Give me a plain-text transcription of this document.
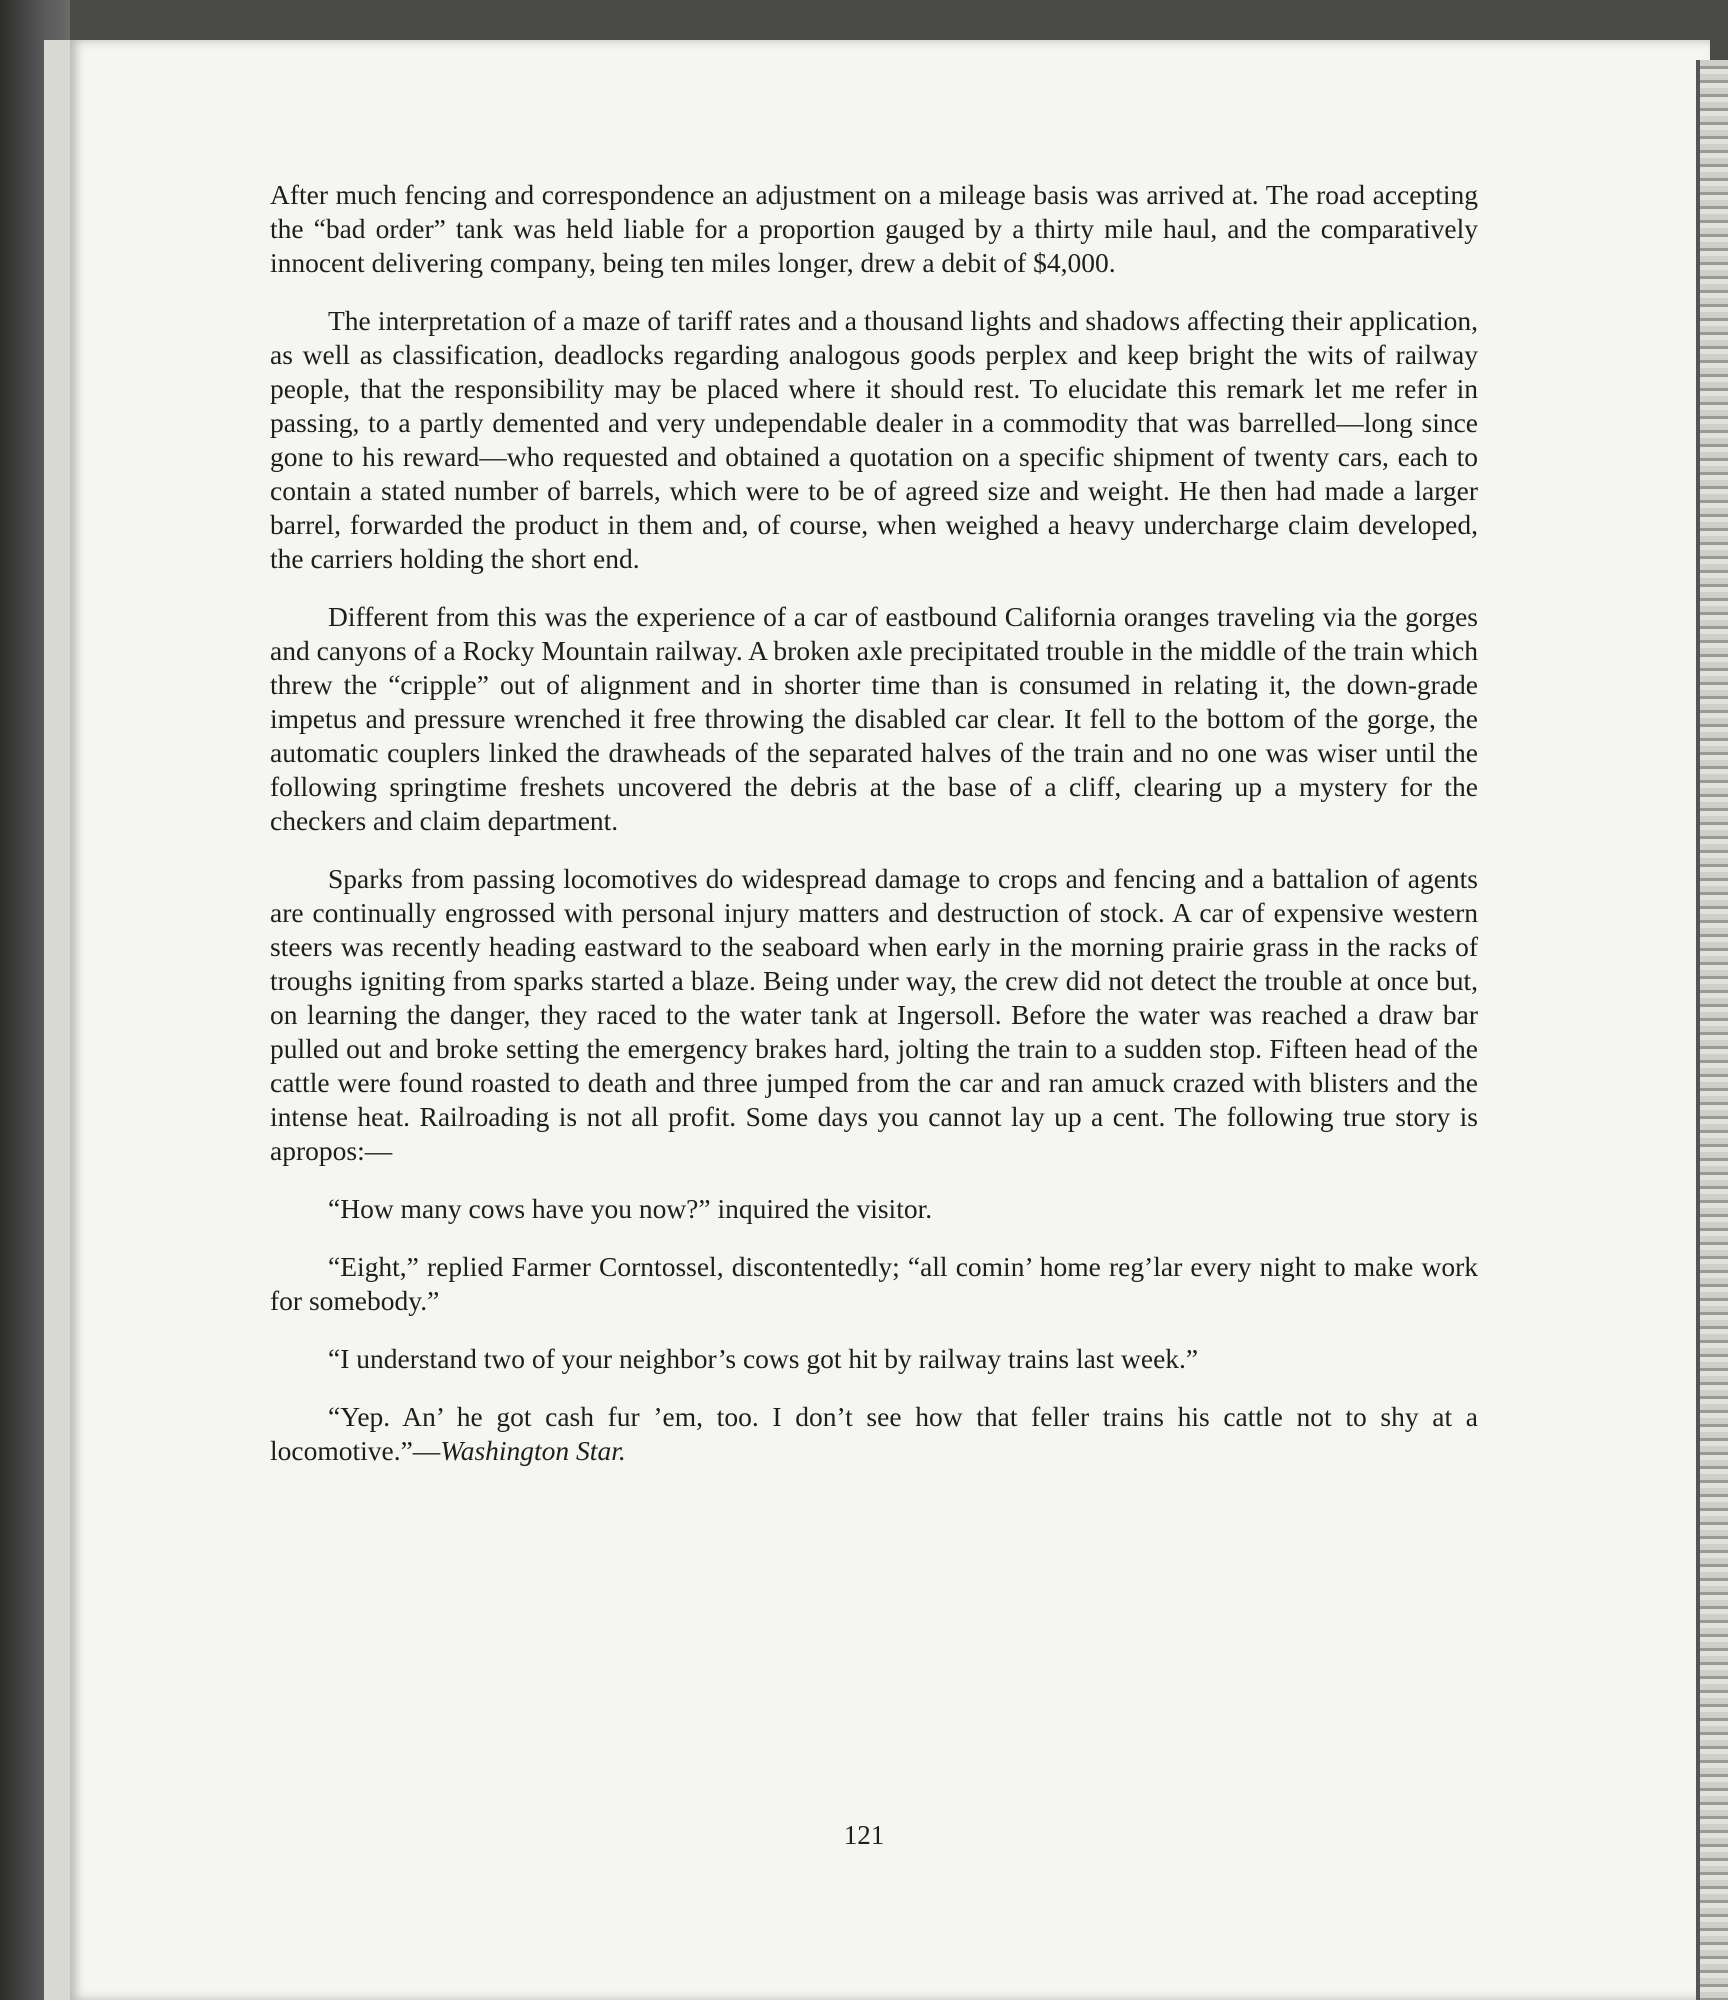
After much fencing and correspondence an adjustment on a mileage basis was arrived at. The road accepting the “bad order” tank was held liable for a proportion gauged by a thirty mile haul, and the comparatively innocent delivering company, being ten miles longer, drew a debit of $4,000.

The interpretation of a maze of tariff rates and a thousand lights and shadows affecting their application, as well as classification, deadlocks regarding analogous goods perplex and keep bright the wits of railway people, that the responsibility may be placed where it should rest. To elucidate this remark let me refer in passing, to a partly demented and very undependable dealer in a commodity that was barrelled—long since gone to his reward—who requested and obtained a quotation on a specific shipment of twenty cars, each to contain a stated number of barrels, which were to be of agreed size and weight. He then had made a larger barrel, forwarded the product in them and, of course, when weighed a heavy undercharge claim developed, the carriers holding the short end.

Different from this was the experience of a car of eastbound California oranges traveling via the gorges and canyons of a Rocky Mountain railway. A broken axle precipitated trouble in the middle of the train which threw the “cripple” out of alignment and in shorter time than is consumed in relating it, the down-grade impetus and pressure wrenched it free throwing the disabled car clear. It fell to the bottom of the gorge, the automatic couplers linked the drawheads of the separated halves of the train and no one was wiser until the following springtime freshets uncovered the debris at the base of a cliff, clearing up a mystery for the checkers and claim department.

Sparks from passing locomotives do widespread damage to crops and fencing and a battalion of agents are continually engrossed with personal injury matters and destruction of stock. A car of expensive western steers was recently heading eastward to the seaboard when early in the morning prairie grass in the racks of troughs igniting from sparks started a blaze. Being under way, the crew did not detect the trouble at once but, on learning the danger, they raced to the water tank at Ingersoll. Before the water was reached a draw bar pulled out and broke setting the emergency brakes hard, jolting the train to a sudden stop. Fifteen head of the cattle were found roasted to death and three jumped from the car and ran amuck crazed with blisters and the intense heat. Railroading is not all profit. Some days you cannot lay up a cent. The following true story is apropos:—

“How many cows have you now?” inquired the visitor.

“Eight,” replied Farmer Corntossel, discontentedly; “all comin’ home reg’lar every night to make work for somebody.”

“I understand two of your neighbor’s cows got hit by railway trains last week.”

“Yep. An’ he got cash fur ’em, too. I don’t see how that feller trains his cattle not to shy at a locomotive.”—Washington Star.

121
